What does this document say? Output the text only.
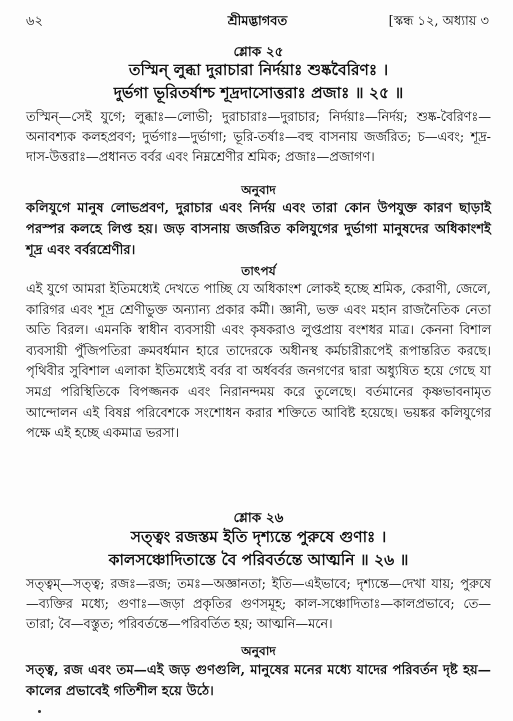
৬২	শ্রীমদ্ভাগবত	[স্কন্ধ ১২, অধ্যায় ৩
শ্লোক ২৫
তস্মিন্ লুব্ধা দুরাচারা নির্দয়াঃ শুষ্কবৈরিণঃ ।
দুর্ভগা ভূরিতর্ষাশ্চ শূদ্রদাসোত্তরাঃ প্রজাঃ ॥ ২৫ ॥
তস্মিন্—সেই যুগে; লুব্ধাঃ—লোভী; দুরাচারাঃ—দুরাচার; নির্দয়াঃ—নির্দয়; শুষ্ক-বৈরিণঃ—অনাবশ্যক কলহপ্রবণ; দুর্ভগাঃ—দুর্ভাগা; ভূরি-তর্ষাঃ—বহু বাসনায় জর্জরিত; চ—এবং; শূদ্র-দাস-উত্তরাঃ—প্রধানত বর্বর এবং নিম্নশ্রেণীর শ্রমিক; প্রজাঃ—প্রজাগণ।
অনুবাদ
কলিযুগে মানুষ লোভপ্রবণ, দুরাচার এবং নির্দয় এবং তারা কোন উপযুক্ত কারণ ছাড়াই পরস্পর কলহে লিপ্ত হয়। জড় বাসনায় জর্জরিত কলিযুগের দুর্ভাগা মানুষদের অধিকাংশই শূদ্র এবং বর্বরশ্রেণীর।
তাৎপর্য
এই যুগে আমরা ইতিমধ্যেই দেখতে পাচ্ছি যে অধিকাংশ লোকই হচ্ছে শ্রমিক, কেরাণী, জেলে, কারিগর এবং শূদ্র শ্রেণীভুক্ত অন্যান্য প্রকার কর্মী। জ্ঞানী, ভক্ত এবং মহান রাজনৈতিক নেতা অতি বিরল। এমনকি স্বাধীন ব্যবসায়ী এবং কৃষকরাও লুপ্তপ্রায় বংশধর মাত্র। কেননা বিশাল ব্যবসায়ী পুঁজিপতিরা ক্রমবর্ধমান হারে তাদেরকে অধীনস্থ কর্মচারীরূপেই রূপান্তরিত করছে। পৃথিবীর সুবিশাল এলাকা ইতিমধ্যেই বর্বর বা অর্ধবর্বর জনগণের দ্বারা অধ্যুষিত হয়ে গেছে যা সমগ্র পরিস্থিতিকে বিপজ্জনক এবং নিরানন্দময় করে তুলেছে। বর্তমানের কৃষ্ণভাবনামৃত আন্দোলন এই বিষণ্ণ পরিবেশকে সংশোধন করার শক্তিতে আবিষ্ট হয়েছে। ভয়ঙ্কর কলিযুগের পক্ষে এই হচ্ছে একমাত্র ভরসা।
শ্লোক ২৬
সত্ত্বং রজস্তম ইতি দৃশ্যন্তে পুরুষে গুণাঃ ।
কালসঞ্চোদিতাস্তে বৈ পরিবর্তন্তে আত্মনি ॥ ২৬ ॥
সত্ত্বম্—সত্ত্ব; রজঃ—রজ; তমঃ—অজ্ঞানতা; ইতি—এইভাবে; দৃশ্যন্তে—দেখা যায়; পুরুষে—ব্যক্তির মধ্যে; গুণাঃ—জড়া প্রকৃতির গুণসমূহ; কাল-সঞ্চোদিতাঃ—কালপ্রভাবে; তে—তারা; বৈ—বস্তুত; পরিবর্তন্তে—পরিবর্তিত হয়; আত্মনি—মনে।
অনুবাদ
সত্ত্ব, রজ এবং তম—এই জড় গুণগুলি, মানুষের মনের মধ্যে যাদের পরিবর্তন দৃষ্ট হয়—কালের প্রভাবেই গতিশীল হয়ে উঠে।
